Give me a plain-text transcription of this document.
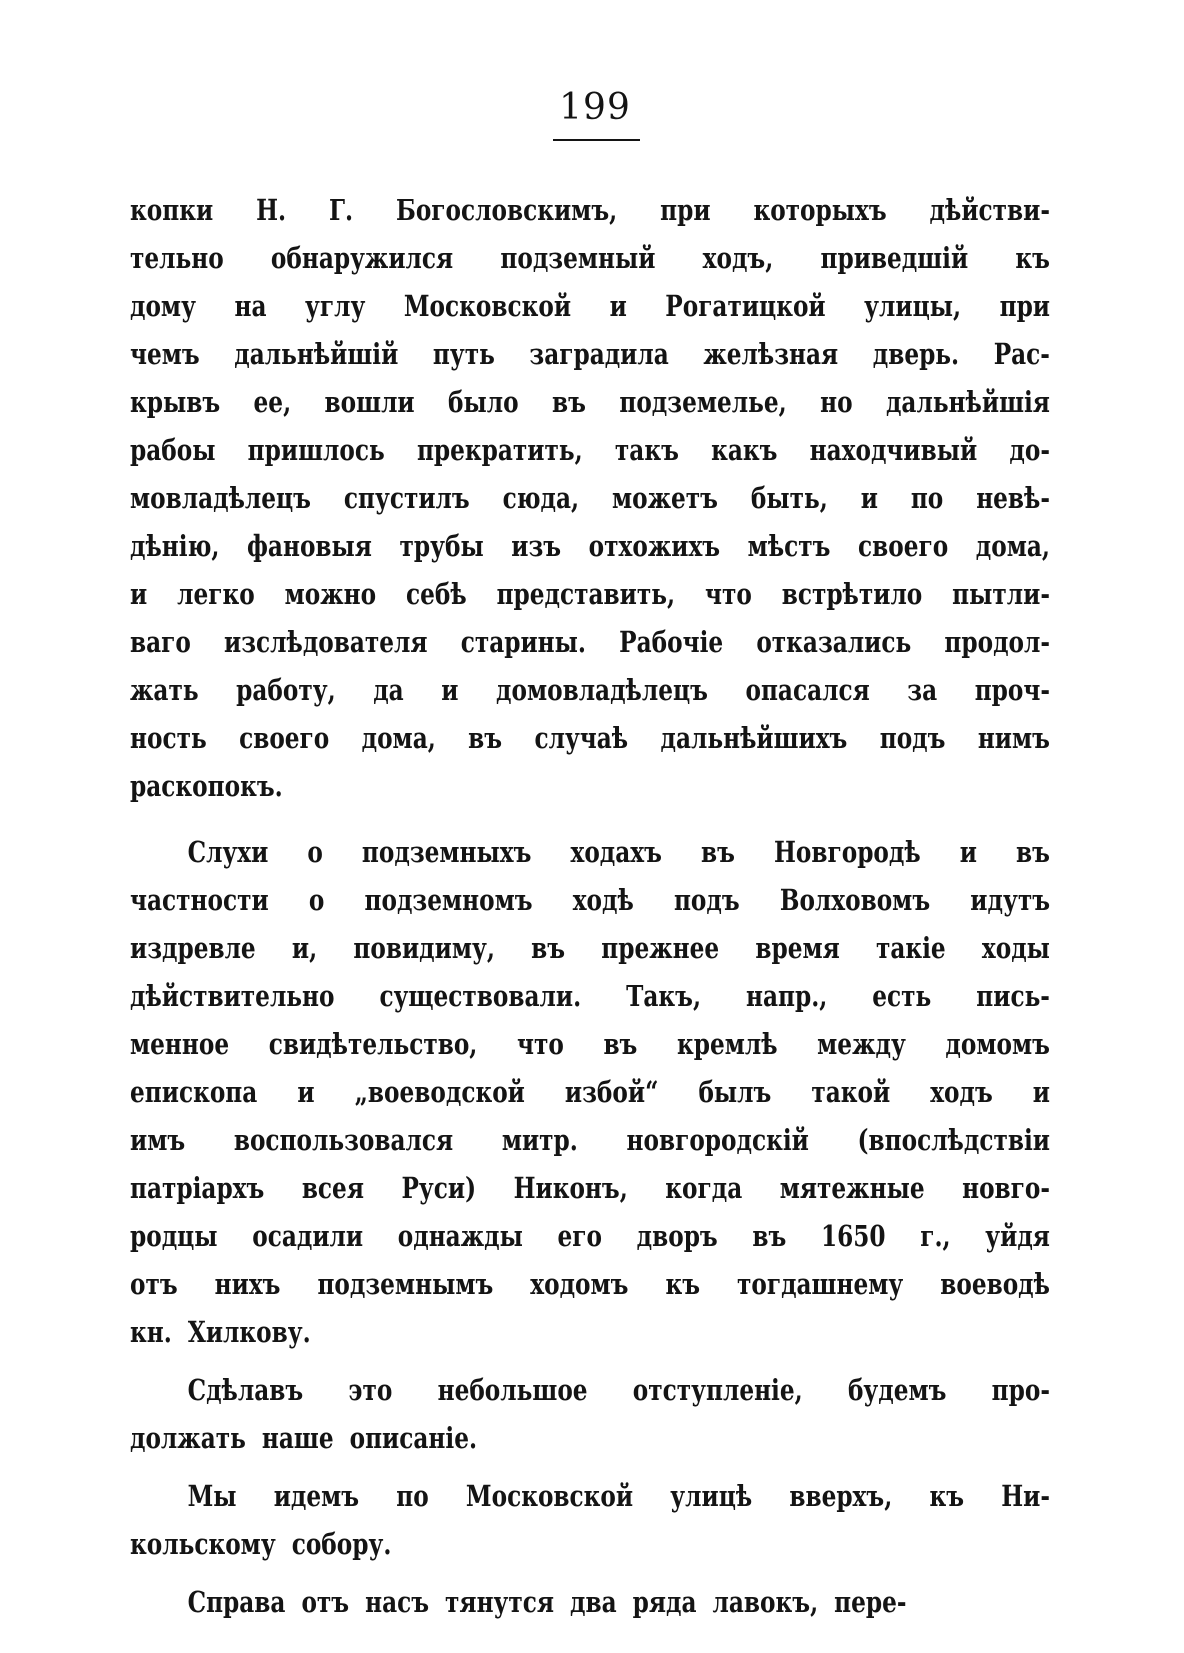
199
копки Н. Г. Богословскимъ, при которыхъ дѣйстви-
тельно обнаружился подземный ходъ, приведшій къ
дому на углу Московской и Рогатицкой улицы, при
чемъ дальнѣйшій путь заградила желѣзная дверь. Рас-
крывъ ее, вошли было въ подземелье, но дальнѣйшія
рабоы пришлось прекратить, такъ какъ находчивый до-
мовладѣлецъ спустилъ сюда, можетъ быть, и по невѣ-
дѣнію, фановыя трубы изъ отхожихъ мѣстъ своего дома,
и легко можно себѣ представить, что встрѣтило пытли-
ваго изслѣдователя старины. Рабочіе отказались продол-
жать работу, да и домовладѣлецъ опасался за проч-
ность своего дома, въ случаѣ дальнѣйшихъ подъ нимъ
раскопокъ.
Слухи о подземныхъ ходахъ въ Новгородѣ и въ
частности о подземномъ ходѣ подъ Волховомъ идутъ
издревле и, повидиму, въ прежнее время такіе ходы
дѣйствительно существовали. Такъ, напр., есть пись-
менное свидѣтельство, что въ кремлѣ между домомъ
епископа и „воеводской избой“ былъ такой ходъ и
имъ воспользовался митр. новгородскій (впослѣдствіи
патріархъ всея Руси) Никонъ, когда мятежные новго-
родцы осадили однажды его дворъ въ 1650 г., уйдя
отъ нихъ подземнымъ ходомъ къ тогдашнему воеводѣ
кн. Хилкову.
Сдѣлавъ это небольшое отступленіе, будемъ про-
должать наше описаніе.
Мы идемъ по Московской улицѣ вверхъ, къ Ни-
кольскому собору.
Справа отъ насъ тянутся два ряда лавокъ, пере-
